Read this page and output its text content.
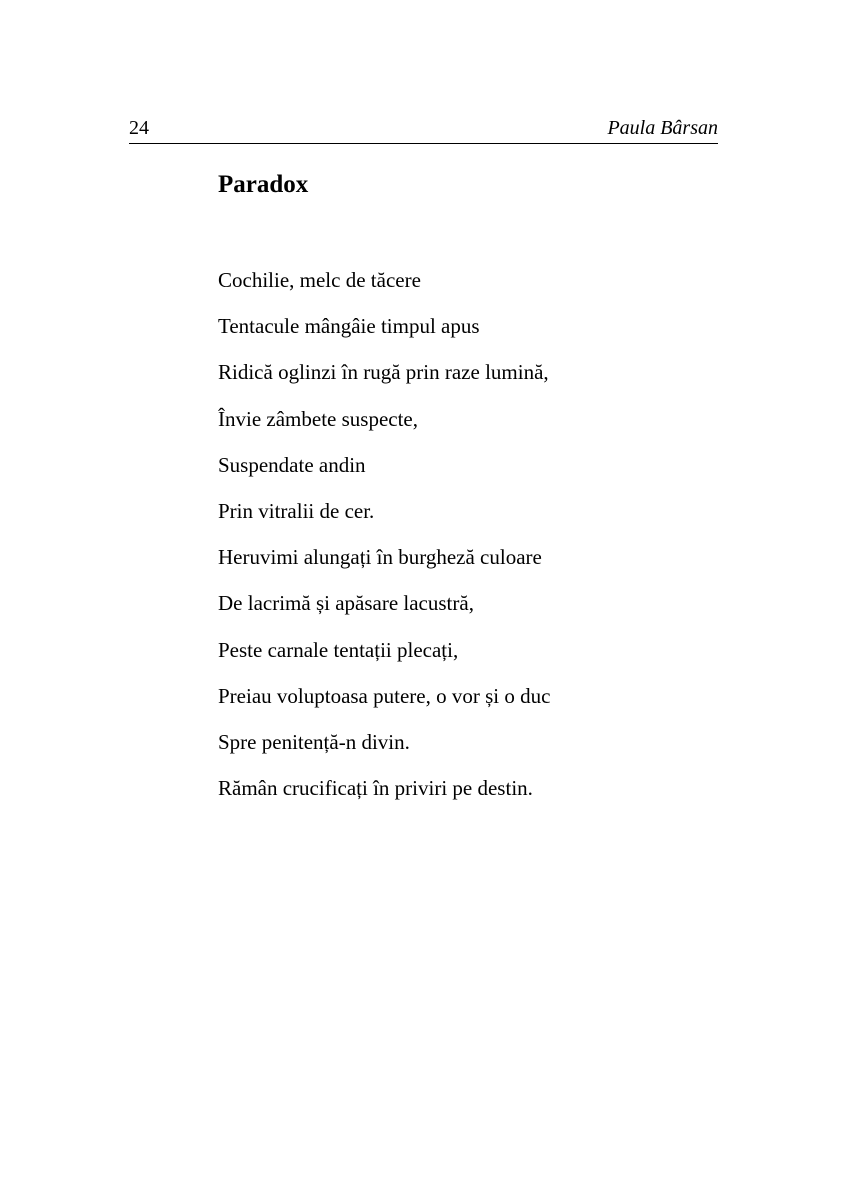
24	Paula Bârsan
Paradox
Cochilie, melc de tăcere
Tentacule mângâie timpul apus
Ridică oglinzi în rugă prin raze lumină,
Învie zâmbete suspecte,
Suspendate andin
Prin vitralii de cer.
Heruvimi alungați în burgheză culoare
De lacrimă și apăsare lacustră,
Peste carnale tentații plecați,
Preiau voluptoasa putere, o vor și o duc
Spre penitență-n divin.
Rămân crucificați în priviri pe destin.
